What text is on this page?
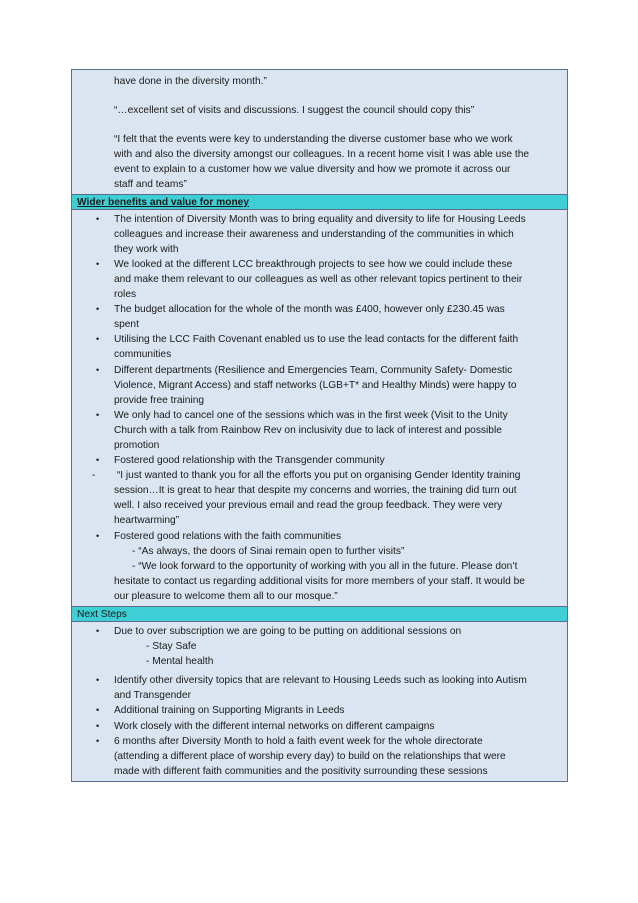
have done in the diversity month.”

“…excellent set of visits and discussions. I suggest the council should copy this”

“I felt that the events were key to understanding the diverse customer base who we work

with and also the diversity amongst our colleagues. In a recent home visit I was able use the

event to explain to a customer how we value diversity and how we promote it across our

staff and teams”

Wider benefits and value for money
• The intention of Diversity Month was to bring equality and diversity to life for Housing Leeds
colleagues and increase their awareness and understanding of the communities in which
they work with
• We looked at the different LCC breakthrough projects to see how we could include these
and make them relevant to our colleagues as well as other relevant topics pertinent to their
roles
• The budget allocation for the whole of the month was £400, however only £230.45 was
spent
• Utilising the LCC Faith Covenant enabled us to use the lead contacts for the different faith
communities
• Different departments (Resilience and Emergencies Team, Community Safety- Domestic
Violence, Migrant Access) and staff networks (LGB+T* and Healthy Minds) were happy to
provide free training
• We only had to cancel one of the sessions which was in the first week (Visit to the Unity
Church with a talk from Rainbow Rev on inclusivity due to lack of interest and possible
promotion
• Fostered good relationship with the Transgender community
- “I just wanted to thank you for all the efforts you put on organising Gender Identity training
session…It is great to hear that despite my concerns and worries, the training did turn out
well. I also received your previous email and read the group feedback. They were very
heartwarming”
• Fostered good relations with the faith communities
- “As always, the doors of Sinai remain open to further visits”
- “We look forward to the opportunity of working with you all in the future. Please don’t
hesitate to contact us regarding additional visits for more members of your staff. It would be
our pleasure to welcome them all to our mosque.”
Next Steps
• Due to over subscription we are going to be putting on additional sessions on
- Stay Safe
- Mental health
• Identify other diversity topics that are relevant to Housing Leeds such as looking into Autism
and Transgender
• Additional training on Supporting Migrants in Leeds
• Work closely with the different internal networks on different campaigns
• 6 months after Diversity Month to hold a faith event week for the whole directorate
(attending a different place of worship every day) to build on the relationships that were
made with different faith communities and the positivity surrounding these sessions
